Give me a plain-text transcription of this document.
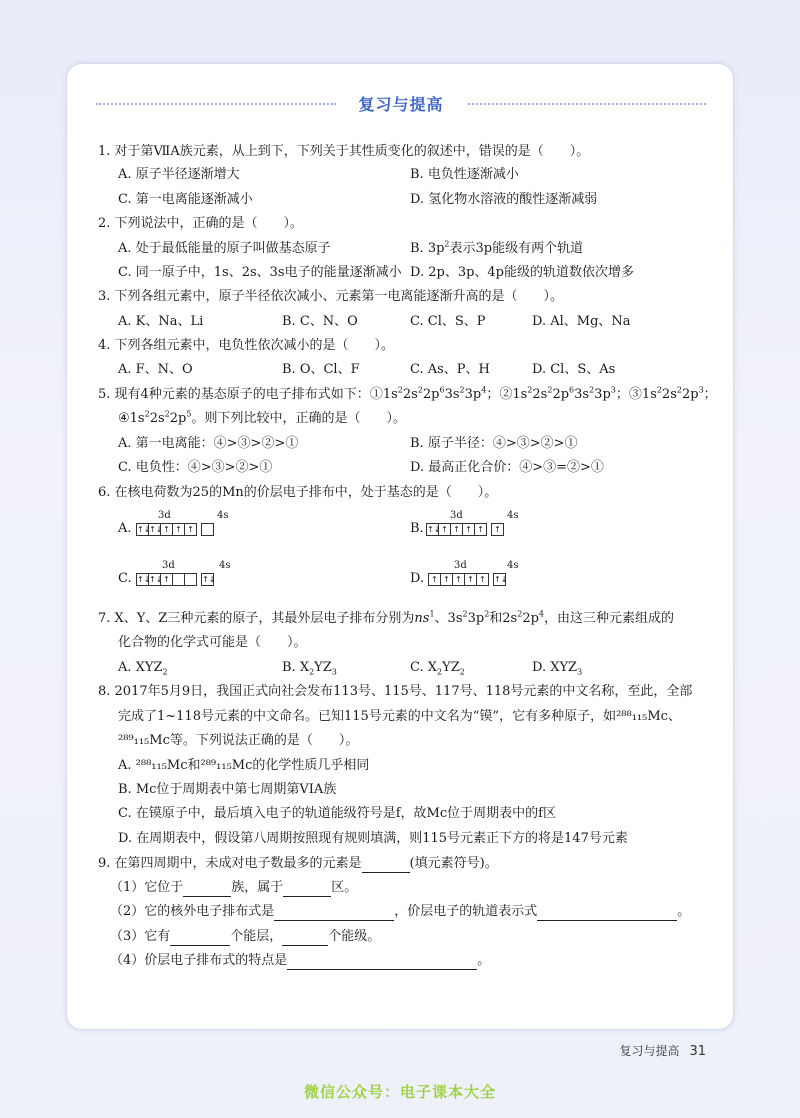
复习与提高
1. 对于第ⅦA族元素，从上到下，下列关于其性质变化的叙述中，错误的是（　　）。
A. 原子半径逐渐增大	B. 电负性逐渐减小
C. 第一电离能逐渐减小	D. 氢化物水溶液的酸性逐渐减弱
2. 下列说法中，正确的是（　　）。
A. 处于最低能量的原子叫做基态原子	B. $3p^2$表示3p能级有两个轨道
C. 同一原子中，1s、2s、3s电子的能量逐渐减小 D. 2p、3p、4p能级的轨道数依次增多
3. 下列各组元素中，原子半径依次减小、元素第一电离能逐渐升高的是（　　）。
A. K、Na、Li	B. C、N、O	C. Cl、S、P	D. Al、Mg、Na
4. 下列各组元素中，电负性依次减小的是（　　）。
A. F、N、O	B. O、Cl、F	C. As、P、H	D. Cl、S、As
5. 现有4种元素的基态原子的电子排布式如下：$①1s^22s^22p^63s^23p^4$；$②1s^22s^22p^63s^23p^3$；$③1s^22s^22p^3$；
$④1s^22s^22p^5$。则下列比较中，正确的是（　　）。
A. 第一电离能：④>③>②>①	B. 原子半径：④>③>②>①
C. 电负性：④>③>②>①	D. 最高正化合价：④>③=②>①
6. 在核电荷数为25的Mn的价层电子排布中，处于基态的是（　　）。
A.
3d	4s
↑↓
↑↓ ↑ ↑ ↑	B.
3d	4s
↑↓ ↑ ↑ ↑ ↑	↑
C.
3d	4s
↑↓
↑↓ ↑	↑↓	D.
3d	4s
↑ ↑ ↑ ↑ ↑	↑↓
7. X、Y、Z三种元素的原子，其最外层电子排布分别为$ns^1$、$3s^23p^2$和$2s^22p^4$，由这三种元素组成的
化合物的化学式可能是（　　）。
A. $XYZ_2$	B. $X_2YZ_3$	C. $X_2YZ_2$	D. $XYZ_3$
8. 2017年5月9日，我国正式向社会发布113号、115号、117号、118号元素的中文名称，至此，全部
完成了1~118号元素的中文命名。已知115号元素的中文名为“镆”，它有多种原子，如²⁸⁸₁₁₅Mc、
²⁸⁹₁₁₅Mc等。下列说法正确的是（　　）。
A. ²⁸⁸₁₁₅Mc和²⁸⁹₁₁₅Mc的化学性质几乎相同
B. Mc位于周期表中第七周期第VIA族
C. 在镆原子中，最后填入电子的轨道能级符号是f，故Mc位于周期表中的f区
D. 在周期表中，假设第八周期按照现有规则填满，则115号元素正下方的将是147号元素
9. 在第四周期中，未成对电子数最多的元素是	(填元素符号)。
（1）它位于	族，属于	区。
（2）它的核外电子排布式是	，价层电子的轨道表示式	。
（3）它有	个能层，	个能级。
（4）价层电子排布式的特点是	。
复习与提高 31
微信公众号：电子课本大全
